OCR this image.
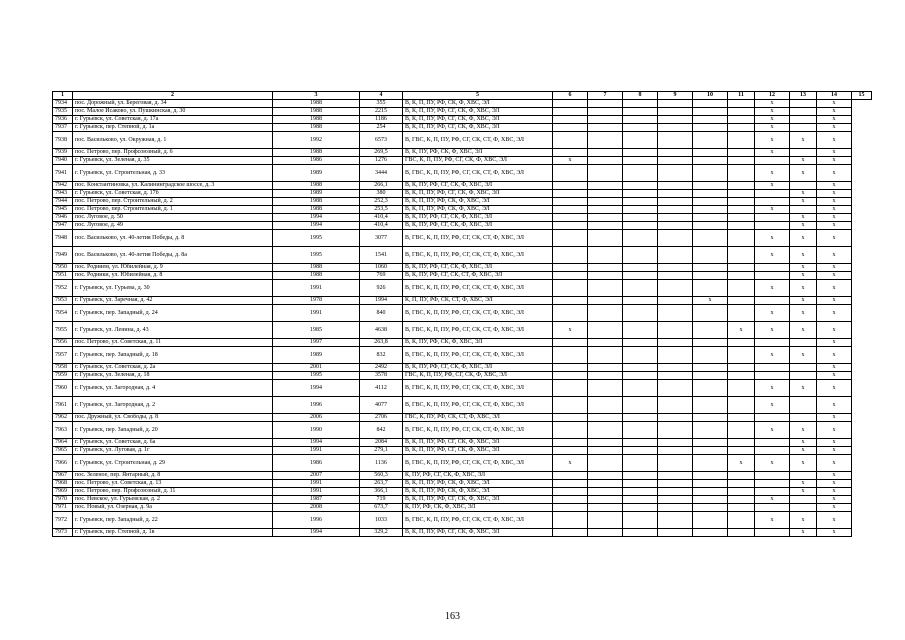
1	2	3	4	5	6	7	8	9	10	11	12	13	14	15
7934	пос. Дорожный, ул. Береговая, д. 34	1988	355	В, К, П, ПУ, РФ, СК, Ф, ХВС, ЭЛ							x		x	
7935	пос. Малое Исаково, ул. Пушкинская, д. 30	1988	2215	В, К, П, ПУ, РФ, СГ, СК, Ф, ХВС, ЭЛ							x		x	
7936	г. Гурьевск, ул. Советская, д. 17а	1988	1186	В, К, П, ПУ, РФ, СГ, СК, Ф, ХВС, ЭЛ							x		x	
7937	г. Гурьевск, пер. Степной, д. 1а	1988	254	В, К, П, ПУ, РФ, СГ, СК, Ф, ХВС, ЭЛ							x		x	
7938	пос. Васильково, ул. Окружная, д. 1	1992	6573	В, ГВС, К, П, ПУ, РФ, СГ, СК, СТ, Ф, ХВС, ЭЛ							x	x	x	
7939	пос. Петрово, пер. Профсоюзный, д. 6	1988	269,5	В, К, ПУ, РФ, СК, Ф, ХВС, ЭЛ							x		x	
7940	г. Гурьевск, ул. Зеленая, д. 35	1986	1276	ГВС, К, П, ПУ, РФ, СГ, СК, Ф, ХВС, ЭЛ	x							x	x	
7941	г. Гурьевск, ул. Строительная, д. 33	1989	3444	В, ГВС, К, П, ПУ, РФ, СГ, СК, СТ, Ф, ХВС, ЭЛ							x	x	x	
7942	пос. Константиновка, ул. Калининградское шоссе, д. 3	1988	266,1	В, К, ПУ, РФ, СГ, СК, Ф, ХВС, ЭЛ							x		x	
7943	г. Гурьевск, ул. Советская, д. 17б	1989	380	В, К, П, ПУ, РФ, СГ, СК, Ф, ХВС, ЭЛ								x	x	
7944	пос. Петрово, пер. Строительный, д. 2	1988	252,3	В, К, П, ПУ, РФ, СК, Ф, ХВС, ЭЛ								x	x	
7945	пос. Петрово, пер. Строительный, д. 1	1988	253,5	В, К, П, ПУ, РФ, СК, Ф, ХВС, ЭЛ							x		x	
7946	пос. Луговое, д. 50	1994	410,4	В, К, ПУ, РФ, СГ, СК, Ф, ХВС, ЭЛ								x	x	
7947	пос. Луговое, д. 49	1994	410,4	В, К, ПУ, РФ, СГ, СК, Ф, ХВС, ЭЛ								x	x	
7948	пос. Васильково, ул. 40-летия Победы, д. 8	1995	3077	В, ГВС, К, П, ПУ, РФ, СГ, СК, СТ, Ф, ХВС, ЭЛ							x	x	x	
7949	пос. Васильково, ул. 40-летия Победы, д. 8а	1995	1541	В, ГВС, К, П, ПУ, РФ, СГ, СК, СТ, Ф, ХВС, ЭЛ							x	x	x	
7950	пос. Роднием, ул. Юбилейная, д. 9	1988	1060	В, К, ПУ, РФ, СГ, СК, Ф, ХВС, ЭЛ								x	x	
7951	пос. Родники, ул. Юбилейная, д. 8	1988	769	В, К, ПУ, РФ, СГ, СК, СТ, Ф, ХВС, ЭЛ								x	x	
7952	г. Гурьевск, ул. Гурьева, д. 30	1991	926	В, ГВС, К, П, ПУ, РФ, СГ, СК, СТ, Ф, ХВС, ЭЛ							x	x	x	
7953	г. Гурьевск, ул. Заречная, д. 42	1978	1994	К, П, ПУ, РФ, СК, СТ, Ф, ХВС, ЭЛ					x			x	x	
7954	г. Гурьевск, пер. Западный, д. 24	1991	840	В, ГВС, К, П, ПУ, РФ, СГ, СК, СТ, Ф, ХВС, ЭЛ							x	x	x	
7955	г. Гурьевск, ул. Ленина, д. 43	1985	4638	В, ГВС, К, П, ПУ, РФ, СГ, СК, СТ, Ф, ХВС, ЭЛ	x					x	x	x	x	
7956	пос. Петрово, ул. Советская, д. 11	1997	263,8	В, К, ПУ, РФ, СК, Ф, ХВС, ЭЛ									x	
7957	г. Гурьевск, пер. Западный, д. 18	1989	832	В, ГВС, К, П, ПУ, РФ, СГ, СК, СТ, Ф, ХВС, ЭЛ							x	x	x	
7958	г. Гурьевск, ул. Советская, д. 2а	2001	2492	В, К, ПУ, РФ, СГ, СК, Ф, ХВС, ЭЛ									x	
7959	г. Гурьевск, ул. Зеленая, д. 18	1995	3578	ГВС, К, П, ПУ, РФ, СГ, СК, Ф, ХВС, ЭЛ									x	
7960	г. Гурьевск, ул. Загородная, д. 4	1994	4112	В, ГВС, К, П, ПУ, РФ, СГ, СК, СТ, Ф, ХВС, ЭЛ							x	x	x	
7961	г. Гурьевск, ул. Загородная, д. 2	1996	4077	В, ГВС, К, П, ПУ, РФ, СГ, СК, СТ, Ф, ХВС, ЭЛ							x		x	
7962	пос. Дружный, ул. Свободы, д. 8	2006	2706	ГВС, К, ПУ, РФ, СК, СТ, Ф, ХВС, ЭЛ									x	
7963	г. Гурьевск, пер. Западный, д. 20	1990	842	В, ГВС, К, П, ПУ, РФ, СГ, СК, СТ, Ф, ХВС, ЭЛ							x	x	x	
7964	г. Гурьевск, ул. Советская, д. 6а	1994	2084	В, К, П, ПУ, РФ, СГ, СК, Ф, ХВС, ЭЛ								x	x	
7965	г. Гурьевск, ул. Луговая, д. 1г	1991	279,1	В, К, П, ПУ, РФ, СГ, СК, Ф, ХВС, ЭЛ								x	x	
7966	г. Гурьевск, ул. Строительная, д. 29	1986	1136	В, ГВС, К, П, ПУ, РФ, СГ, СК, СТ, Ф, ХВС, ЭЛ	x					x	x	x	x	
7967	пос. Зеленое, пер. Янтарный, д. 8	2007	560,3	К, ПУ, РФ, СГ, СК, Ф, ХВС, ЭЛ									x	
7968	пос. Петрово, ул. Советская, д. 13	1991	263,7	В, К, П, ПУ, РФ, СК, Ф, ХВС, ЭЛ								x	x	
7969	пос. Петрово, пер. Профсоюзный, д. 11	1991	366,1	В, К, П, ПУ, РФ, СК, Ф, ХВС, ЭЛ								x	x	
7970	пос. Невское, ул. Гурьевская, д. 2	1987	719	В, К, П, ПУ, РФ, СГ, СК, Ф, ХВС, ЭЛ							x		x	
7971	пос. Новый, ул. Озерная, д. 9а	2008	673,7	К, ПУ, РФ, СК, Ф, ХВС, ЭЛ									x	
7972	г. Гурьевск, пер. Западный, д. 22	1996	1033	В, ГВС, К, П, ПУ, РФ, СГ, СК, СТ, Ф, ХВС, ЭЛ							x	x	x	
7973	г. Гурьевск, пер. Степной, д. 1в	1994	329,2	В, К, П, ПУ, РФ, СГ, СК, Ф, ХВС, ЭЛ								x	x	
163
